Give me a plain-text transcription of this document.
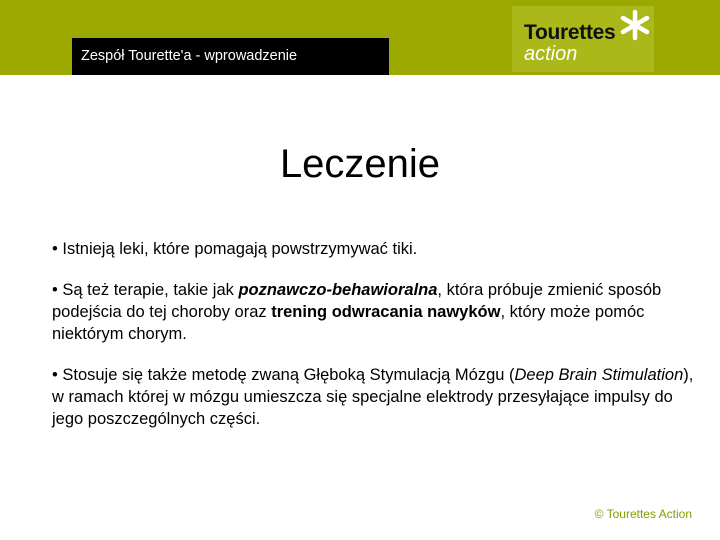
Zespół Tourette'a - wprowadzenie
Tourettes
action
Leczenie

• Istnieją leki, które pomagają powstrzymywać tiki.

• Są też terapie, takie jak poznawczo-behawioralna, która próbuje zmienić sposób podejścia do tej choroby oraz trening odwracania nawyków, który może pomóc niektórym chorym.

• Stosuje się także metodę zwaną Głęboką Stymulacją Mózgu (Deep Brain Stimulation), w ramach której w mózgu umieszcza się specjalne elektrody przesyłające impulsy do jego poszczególnych części.

© Tourettes Action
